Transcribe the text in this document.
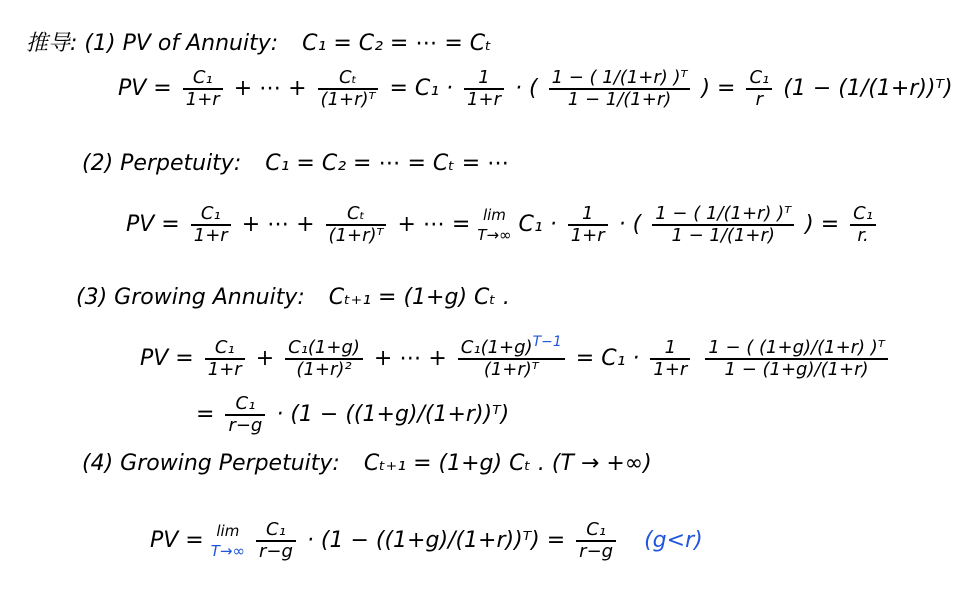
推导: (1) PV of Annuity: C₁ = C₂ = ⋯ = Cₜ
PV = $\frac{\text{C₁}}{1+r}$ + ⋯ + $\frac{\text{Cₜ}}{\text{(1+r)ᵀ}} = C_1 \cdot \frac{1}{1+r}$ · ( $\frac{\text{1 − ( 1/(1+r) )ᵀ}}{1 - 1/(1+r)}$ ) = $\frac{\text{C₁}}{r} (1$ − (1/(1+r))ᵀ)
(2) Perpetuity: C₁ = C₂ = ⋯ = Cₜ = ⋯
PV = $\frac{\text{C₁}}{1+r}$ + ⋯ + $\frac{\text{Cₜ}}{\text{(1+r)ᵀ}}$ + ⋯ = lim
T→∞ $C_1 \cdot \frac{1}{1+r}$ · ( $\frac{\text{1 − ( 1/(1+r) )ᵀ}}{1 - 1/(1+r)}$ ) = $\frac{\text{C₁}}{r.}$
(3) Growing Annuity: Cₜ₊₁ = (1+g) Cₜ .
PV = $\frac{\text{C₁}}{1+r} + \frac{\text{C₁(1+g)}}{\text{(1+r)²}}$ + ⋯ + $\frac{C_1(1+g)^{T-1}}{\text{(1+r)ᵀ}} = C_1 \cdot \frac{1}{1+r}$
$\frac{\text{1 − ( (1+g)/(1+r) )ᵀ}}{1 - (1+g)/(1+r)}$
= $\frac{\text{C₁}}{r-g} \cdot (1$ − ((1+g)/(1+r))ᵀ)
(4) Growing Perpetuity: Cₜ₊₁ = (1+g) Cₜ . (T → +∞)
PV = lim
T→∞
$\frac{\text{C₁}}{r-g} \cdot (1$ − ((1+g)/(1+r))ᵀ) = $\frac{\text{C₁}}{r-g} (g<r)$
